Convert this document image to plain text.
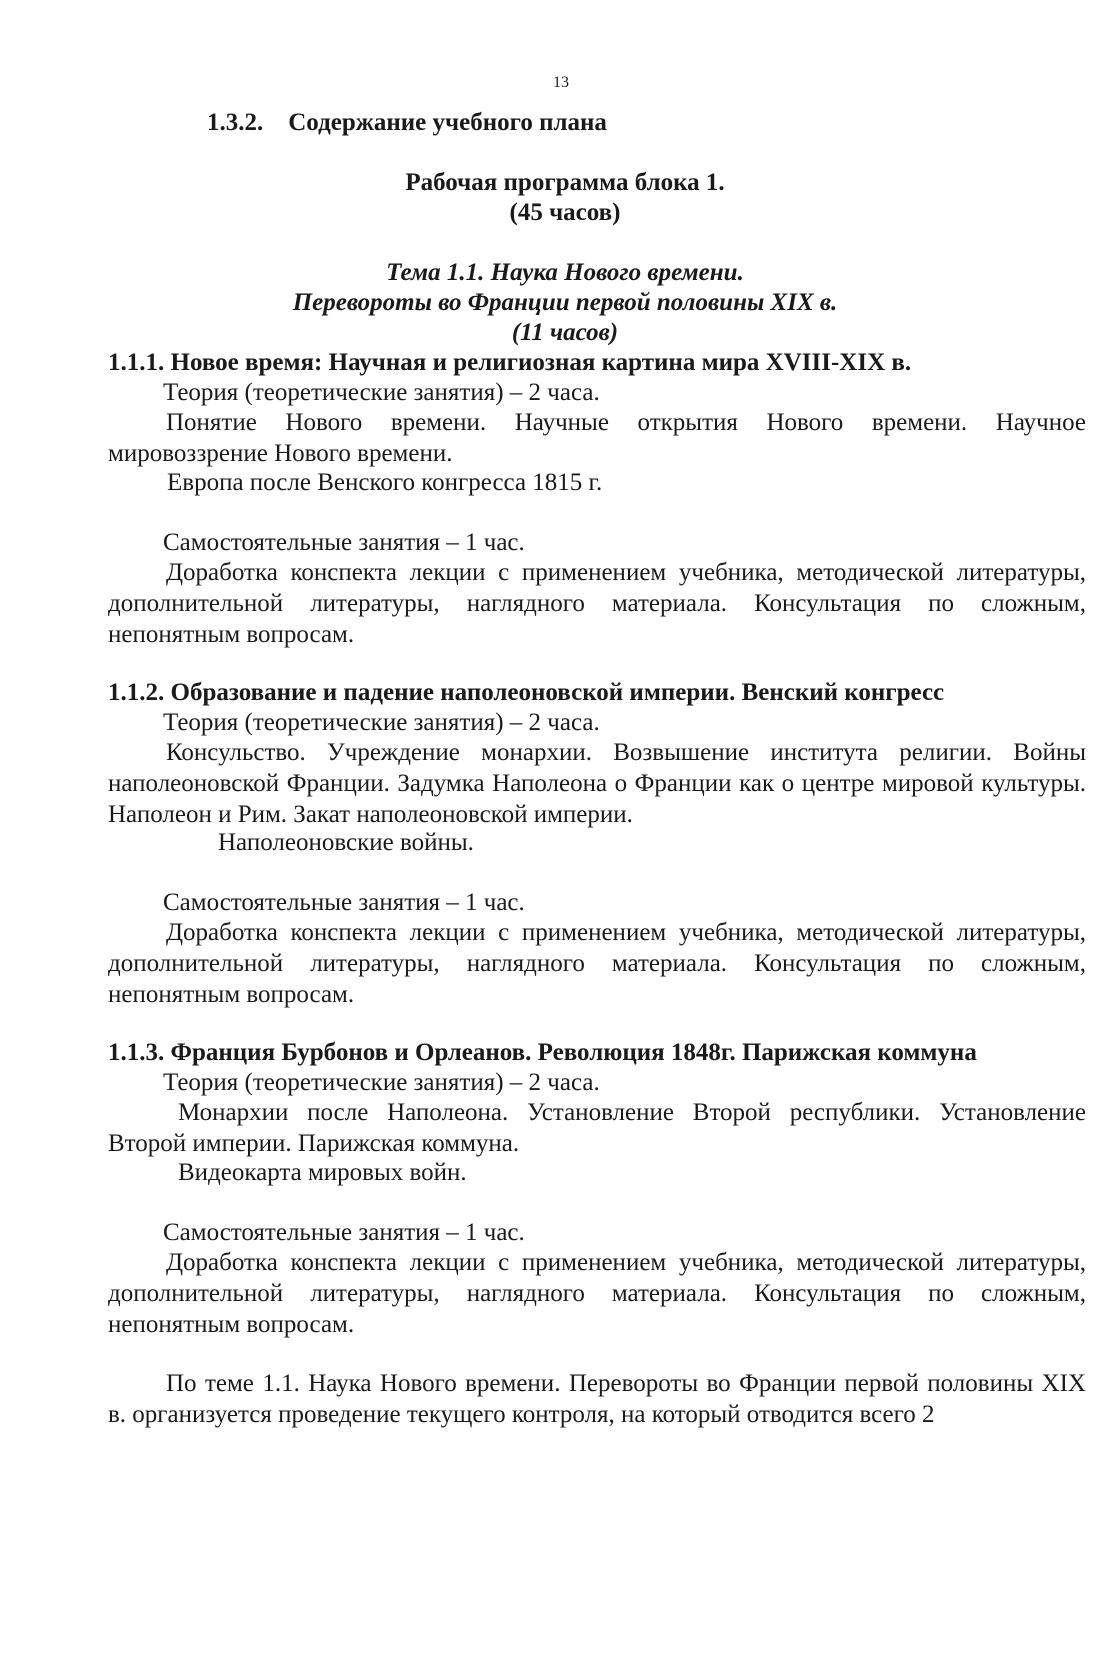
13
1.3.2.    Содержание учебного плана
Рабочая программа блока 1.
(45 часов)
Тема 1.1. Наука Нового времени.
Перевороты во Франции первой половины XIX в.
(11 часов)
1.1.1. Новое время: Научная и религиозная картина мира XVIII-XIX в.
Теория (теоретические занятия) – 2 часа.
Понятие Нового времени. Научные открытия Нового времени. Научное мировоззрение Нового времени.
Европа после Венского конгресса 1815 г.
Самостоятельные занятия – 1 час.
Доработка конспекта лекции с применением учебника, методической литературы, дополнительной литературы, наглядного материала. Консультация по сложным, непонятным вопросам.
1.1.2. Образование и падение наполеоновской империи. Венский конгресс
Теория (теоретические занятия) – 2 часа.
Консульство. Учреждение монархии. Возвышение института религии. Войны наполеоновской Франции. Задумка Наполеона о Франции как о центре мировой культуры. Наполеон и Рим. Закат наполеоновской империи.
Наполеоновские войны.
Самостоятельные занятия – 1 час.
Доработка конспекта лекции с применением учебника, методической литературы, дополнительной литературы, наглядного материала. Консультация по сложным, непонятным вопросам.
1.1.3. Франция Бурбонов и Орлеанов. Революция 1848г. Парижская коммуна
Теория (теоретические занятия) – 2 часа.
Монархии после Наполеона. Установление Второй республики. Установление Второй империи. Парижская коммуна.
Видеокарта мировых войн.
Самостоятельные занятия – 1 час.
Доработка конспекта лекции с применением учебника, методической литературы, дополнительной литературы, наглядного материала. Консультация по сложным, непонятным вопросам.
По теме 1.1. Наука Нового времени. Перевороты во Франции первой половины XIX в. организуется проведение текущего контроля, на который отводится всего 2
